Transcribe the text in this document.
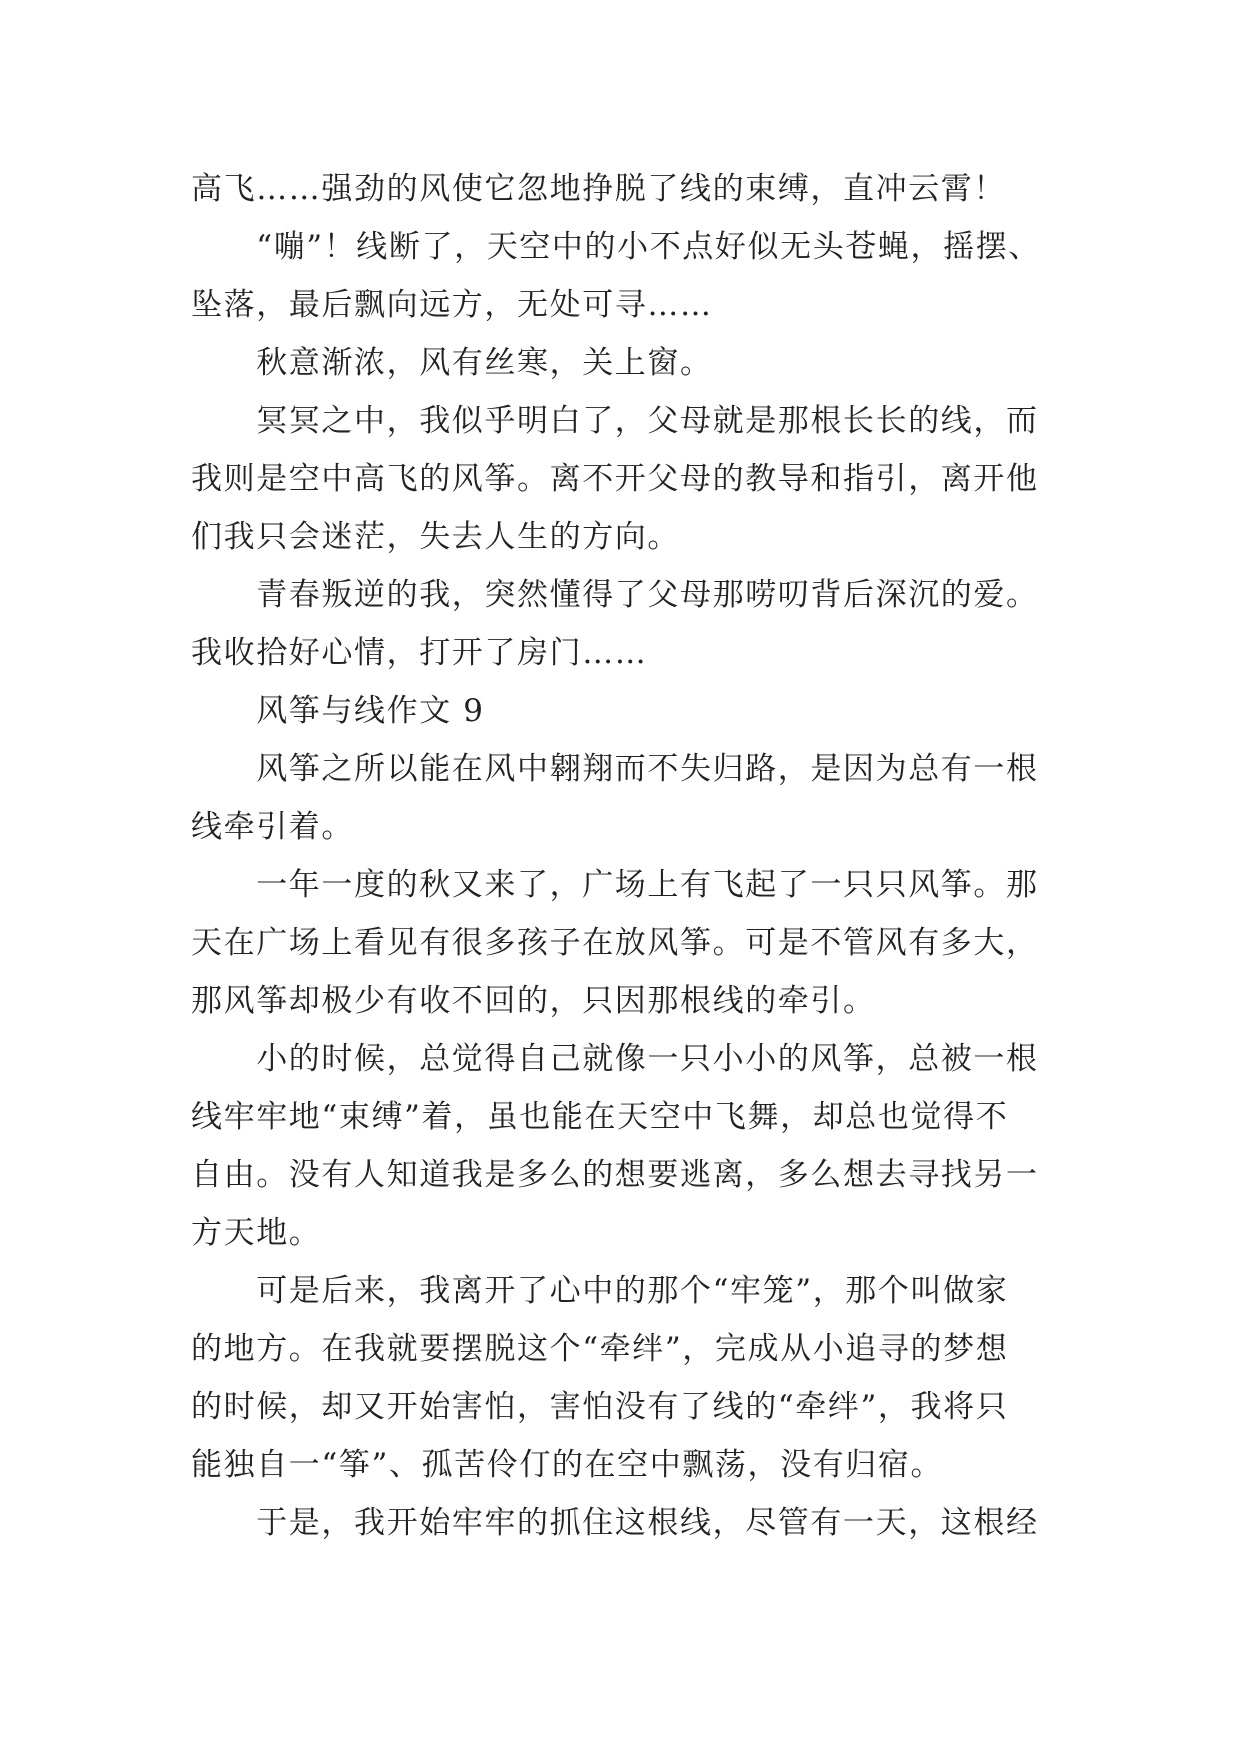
高飞……强劲的风使它忽地挣脱了线的束缚，直冲云霄！
　　“嘣”！线断了，天空中的小不点好似无头苍蝇，摇摆、
坠落，最后飘向远方，无处可寻……
　　秋意渐浓，风有丝寒，关上窗。
　　冥冥之中，我似乎明白了，父母就是那根长长的线，而
我则是空中高飞的风筝。离不开父母的教导和指引，离开他
们我只会迷茫，失去人生的方向。
　　青春叛逆的我，突然懂得了父母那唠叨背后深沉的爱。
我收拾好心情，打开了房门……
　　风筝与线作文 9
　　风筝之所以能在风中翱翔而不失归路，是因为总有一根
线牵引着。
　　一年一度的秋又来了，广场上有飞起了一只只风筝。那
天在广场上看见有很多孩子在放风筝。可是不管风有多大，
那风筝却极少有收不回的，只因那根线的牵引。
　　小的时候，总觉得自己就像一只小小的风筝，总被一根
线牢牢地“束缚”着，虽也能在天空中飞舞，却总也觉得不
自由。没有人知道我是多么的想要逃离，多么想去寻找另一
方天地。
　　可是后来，我离开了心中的那个“牢笼”，那个叫做家
的地方。在我就要摆脱这个“牵绊”，完成从小追寻的梦想
的时候，却又开始害怕，害怕没有了线的“牵绊”，我将只
能独自一“筝”、孤苦伶仃的在空中飘荡，没有归宿。
　　于是，我开始牢牢的抓住这根线，尽管有一天，这根经
